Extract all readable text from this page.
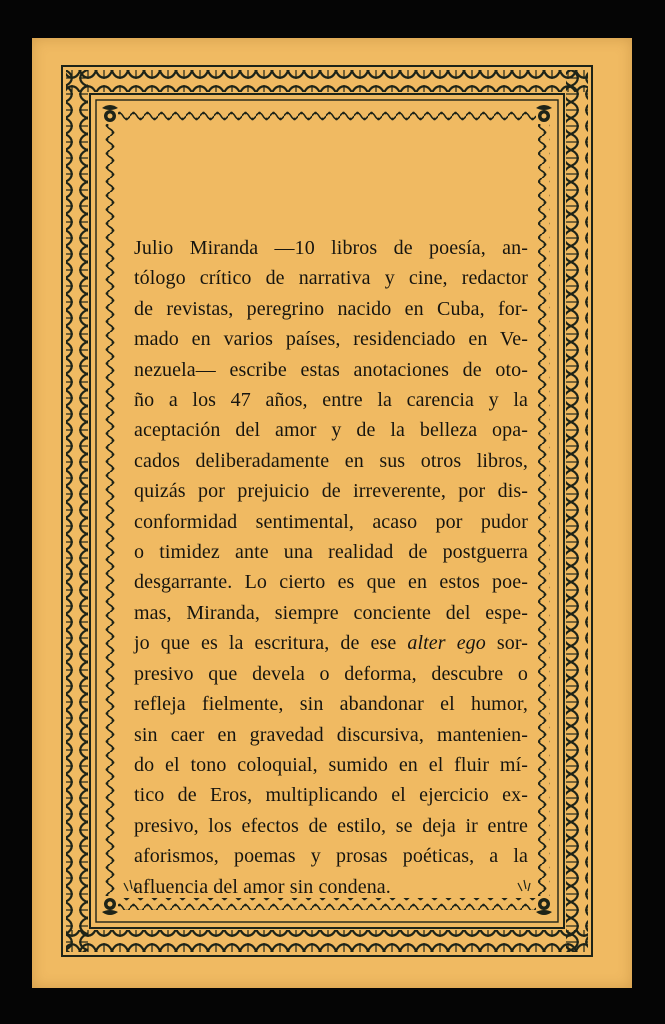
Julio Miranda —10 libros de poesía, an-
tólogo crítico de narrativa y cine, redactor
de revistas, peregrino nacido en Cuba, for-
mado en varios países, residenciado en Ve-
nezuela— escribe estas anotaciones de oto-
ño a los 47 años, entre la carencia y la
aceptación del amor y de la belleza opa-
cados deliberadamente en sus otros libros,
quizás por prejuicio de irreverente, por dis-
conformidad sentimental, acaso por pudor
o timidez ante una realidad de postguerra
desgarrante. Lo cierto es que en estos poe-
mas, Miranda, siempre conciente del espe-
jo que es la escritura, de ese alter ego sor-
presivo que devela o deforma, descubre o
refleja fielmente, sin abandonar el humor,
sin caer en gravedad discursiva, mantenien-
do el tono coloquial, sumido en el fluir mí-
tico de Eros, multiplicando el ejercicio ex-
presivo, los efectos de estilo, se deja ir entre
aforismos, poemas y prosas poéticas, a la
afluencia del amor sin condena.
